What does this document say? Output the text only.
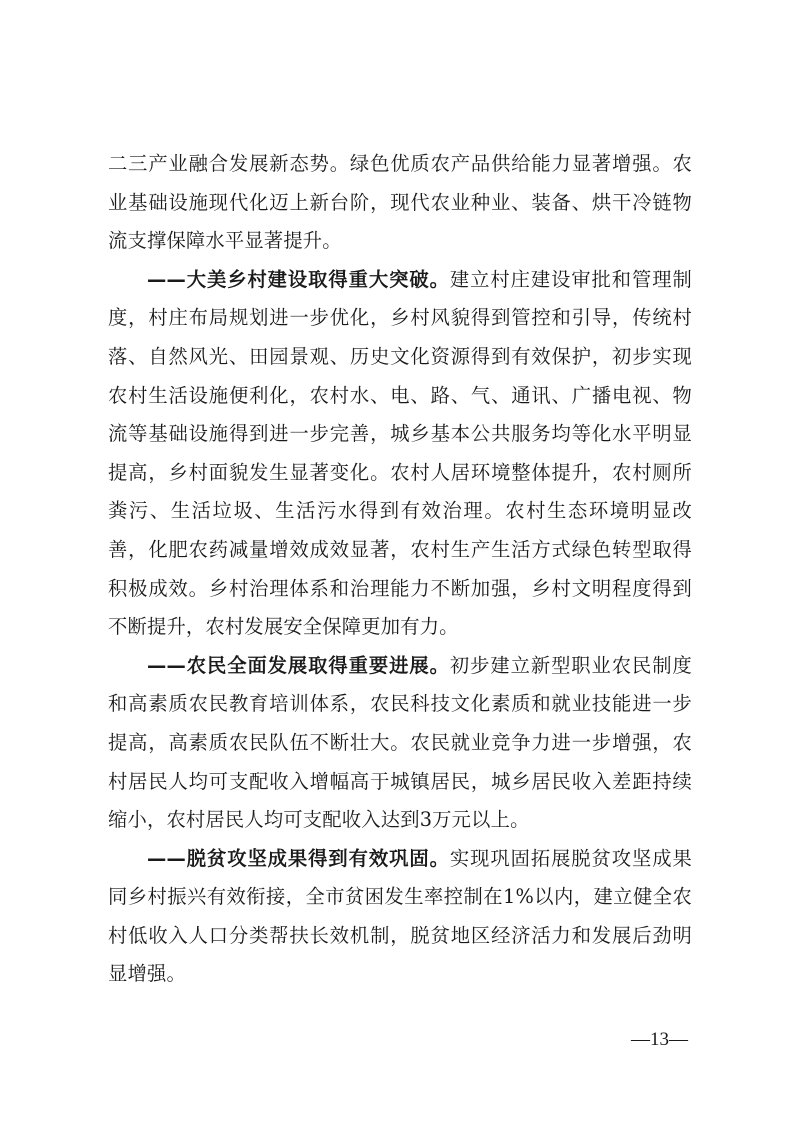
二三产业融合发展新态势。绿色优质农产品供给能力显著增强。农业基础设施现代化迈上新台阶，现代农业种业、装备、烘干冷链物流支撑保障水平显著提升。

——大美乡村建设取得重大突破。建立村庄建设审批和管理制度，村庄布局规划进一步优化，乡村风貌得到管控和引导，传统村落、自然风光、田园景观、历史文化资源得到有效保护，初步实现农村生活设施便利化，农村水、电、路、气、通讯、广播电视、物流等基础设施得到进一步完善，城乡基本公共服务均等化水平明显提高，乡村面貌发生显著变化。农村人居环境整体提升，农村厕所粪污、生活垃圾、生活污水得到有效治理。农村生态环境明显改善，化肥农药减量增效成效显著，农村生产生活方式绿色转型取得积极成效。乡村治理体系和治理能力不断加强，乡村文明程度得到不断提升，农村发展安全保障更加有力。

——农民全面发展取得重要进展。初步建立新型职业农民制度和高素质农民教育培训体系，农民科技文化素质和就业技能进一步提高，高素质农民队伍不断壮大。农民就业竞争力进一步增强，农村居民人均可支配收入增幅高于城镇居民，城乡居民收入差距持续缩小，农村居民人均可支配收入达到3万元以上。

——脱贫攻坚成果得到有效巩固。实现巩固拓展脱贫攻坚成果同乡村振兴有效衔接，全市贫困发生率控制在1%以内，建立健全农村低收入人口分类帮扶长效机制，脱贫地区经济活力和发展后劲明显增强。

—13—
